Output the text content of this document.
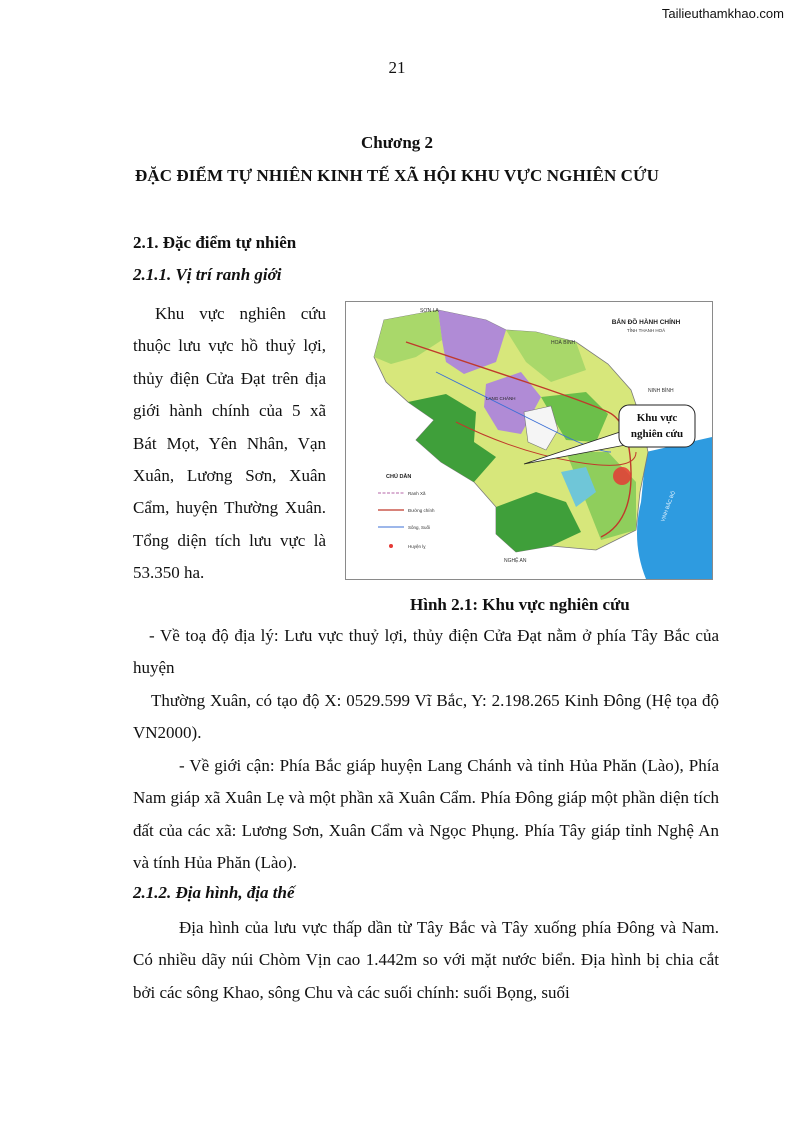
Tailieuthamkhao.com
21
Chương 2
ĐẶC ĐIỂM TỰ NHIÊN KINH TẾ XÃ HỘI KHU VỰC NGHIÊN CỨU
2.1. Đặc điểm tự nhiên
2.1.1. Vị trí ranh giới
Khu vực nghiên cứu thuộc lưu vực hồ thuỷ lợi, thủy điện Cửa Đạt trên địa giới hành chính của 5 xã Bát Mọt, Yên Nhân, Vạn Xuân, Lương Sơn, Xuân Cẩm, huyện Thường Xuân. Tổng diện tích lưu vực là 53.350 ha.
SƠN LA
HOÀ BÌNH
NINH BÌNH
NGHỆ AN
LANG CHÁNH
VỊNH BẮC BỘ
BẢN ĐỒ HÀNH CHÍNH
TỈNH THANH HOÁ
Khu vực
nghiên cứu
CHÚ DẪN
Ranh Xã
Đường chính
Sông, Suối
Huyện lỵ
Hình 2.1: Khu vực nghiên cứu

- Về toạ độ địa lý: Lưu vực thuỷ lợi, thủy điện Cửa Đạt nằm ở phía Tây Bắc của huyện

Thường Xuân, có tạo độ X: 0529.599 Vĩ Bắc, Y: 2.198.265 Kinh Đông (Hệ tọa độ VN2000).

- Về giới cận: Phía Bắc giáp huyện Lang Chánh và tỉnh Hủa Phăn (Lào), Phía Nam giáp xã Xuân Lẹ và một phần xã Xuân Cẩm. Phía Đông giáp một phần diện tích đất của các xã: Lương Sơn, Xuân Cẩm và Ngọc Phụng. Phía Tây giáp tỉnh Nghệ An và tính Hủa Phăn (Lào).

2.1.2. Địa hình, địa thế

Địa hình của lưu vực thấp dần từ Tây Bắc và Tây xuống phía Đông và Nam. Có nhiều dãy núi Chòm Vịn cao 1.442m so với mặt nước biển. Địa hình bị chia cắt bởi các sông Khao, sông Chu và các suối chính: suối Bọng, suối
